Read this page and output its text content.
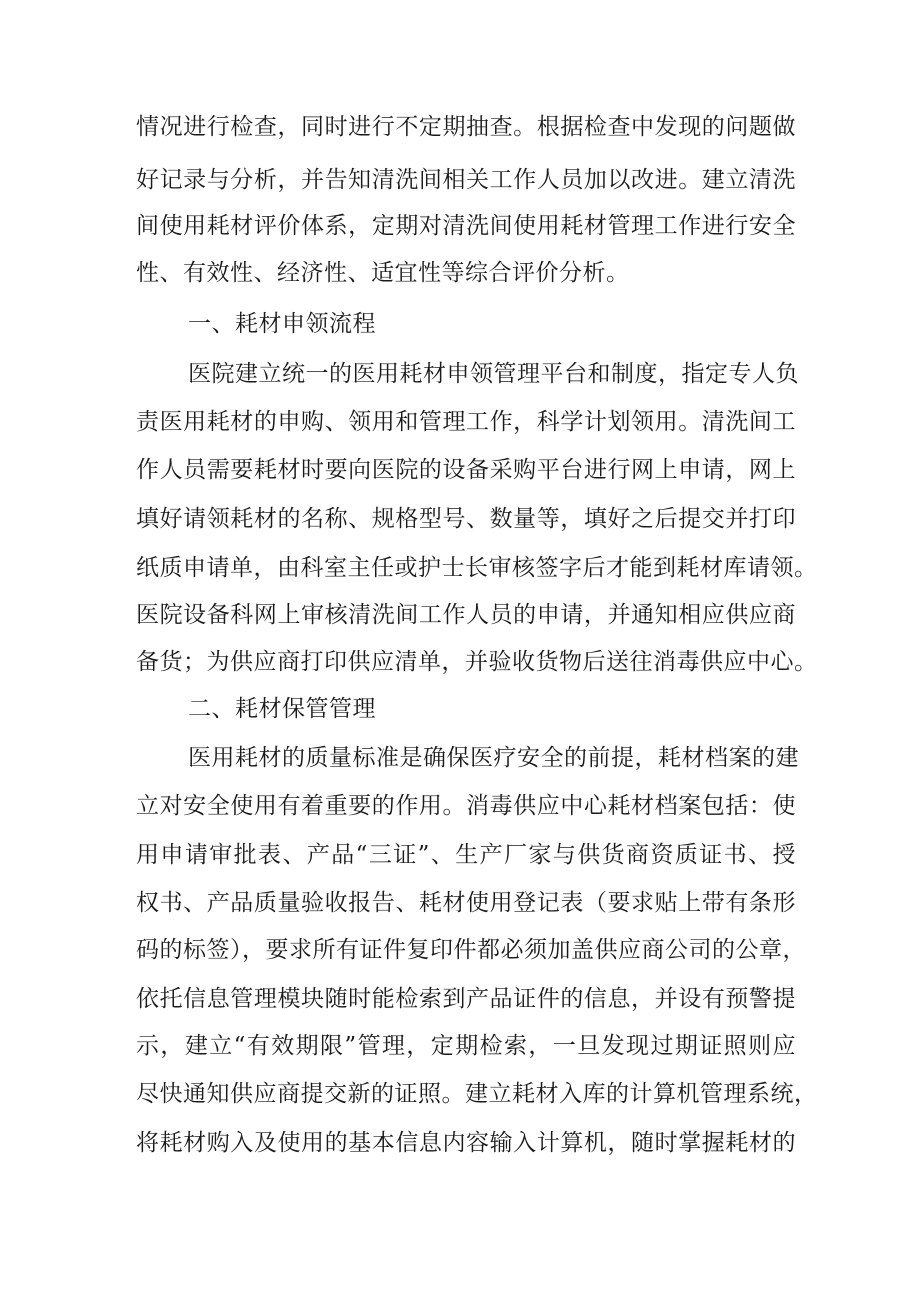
情况进行检查，同时进行不定期抽查。根据检查中发现的问题做
好记录与分析，并告知清洗间相关工作人员加以改进。建立清洗
间使用耗材评价体系，定期对清洗间使用耗材管理工作进行安全
性、有效性、经济性、适宜性等综合评价分析。
一、耗材申领流程
医院建立统一的医用耗材申领管理平台和制度，指定专人负
责医用耗材的申购、领用和管理工作，科学计划领用。清洗间工
作人员需要耗材时要向医院的设备采购平台进行网上申请，网上
填好请领耗材的名称、规格型号、数量等，填好之后提交并打印
纸质申请单，由科室主任或护士长审核签字后才能到耗材库请领。
医院设备科网上审核清洗间工作人员的申请，并通知相应供应商
备货；为供应商打印供应清单，并验收货物后送往消毒供应中心。
二、耗材保管管理
医用耗材的质量标准是确保医疗安全的前提，耗材档案的建
立对安全使用有着重要的作用。消毒供应中心耗材档案包括：使
用申请审批表、产品“三证”、生产厂家与供货商资质证书、授
权书、产品质量验收报告、耗材使用登记表（要求贴上带有条形
码的标签），要求所有证件复印件都必须加盖供应商公司的公章，
依托信息管理模块随时能检索到产品证件的信息，并设有预警提
示，建立“有效期限”管理，定期检索，一旦发现过期证照则应
尽快通知供应商提交新的证照。建立耗材入库的计算机管理系统，
将耗材购入及使用的基本信息内容输入计算机，随时掌握耗材的
